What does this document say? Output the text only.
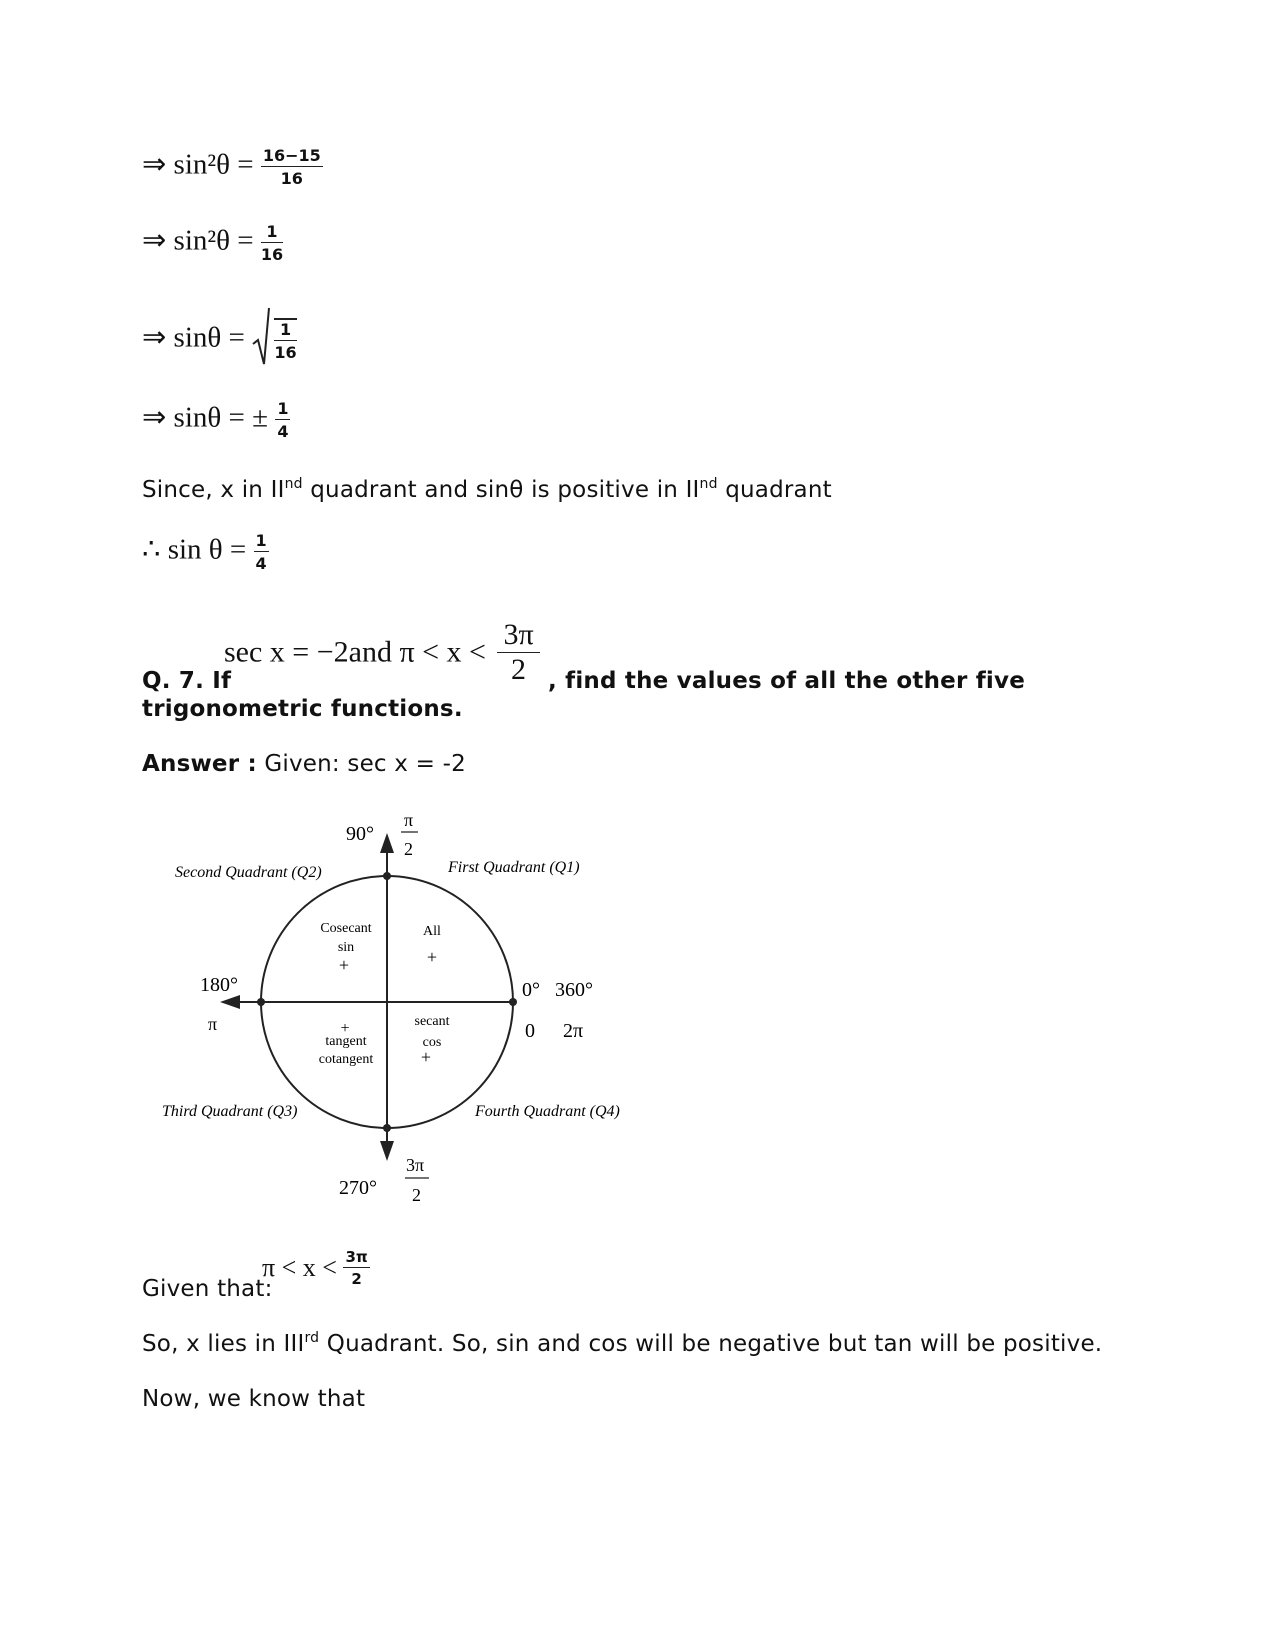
⇒ $\sin^2\theta = \frac{16-15}{16}$
⇒ $\sin^2\theta = \frac{1}{16}$
⇒ $\sin\theta = \frac{1}{16}$
⇒ sinθ = ± $\frac{1}{4}$
Since, x in IInd quadrant and sinθ is positive in IInd quadrant
∴ $\sin \theta = \frac{1}{4}$
sec x = −2and $\pi < x < \frac{3\pi}{2}$
Q. 7. If	, find the values of all the other five
trigonometric functions.
Answer : Given: sec x = -2
90°
π
2
Second Quadrant (Q2)	First Quadrant (Q1)
Third Quadrant (Q3)	Fourth Quadrant (Q4)
Cosecant
sin
+
All
+
180°
π
0° 360°
0 2π
+
tangent
cotangent
secant
cos
+
270°
3π
2
Given that:
$\pi < x < \frac{3\pi}{2}$
So, x lies in IIIrd Quadrant. So, sin and cos will be negative but tan will be positive.
Now, we know that
